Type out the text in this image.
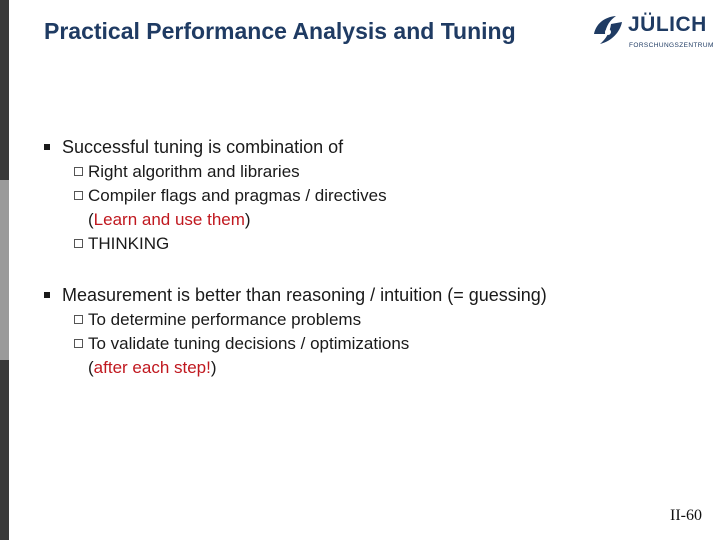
Practical Performance Analysis and Tuning	JÜLICH
FORSCHUNGSZENTRUM
Successful tuning is combination of
Right algorithm and libraries
Compiler flags and pragmas / directives
(Learn and use them)
THINKING
Measurement is better than reasoning / intuition (= guessing)
To determine performance problems
To validate tuning decisions / optimizations
(after each step!)
II-60
